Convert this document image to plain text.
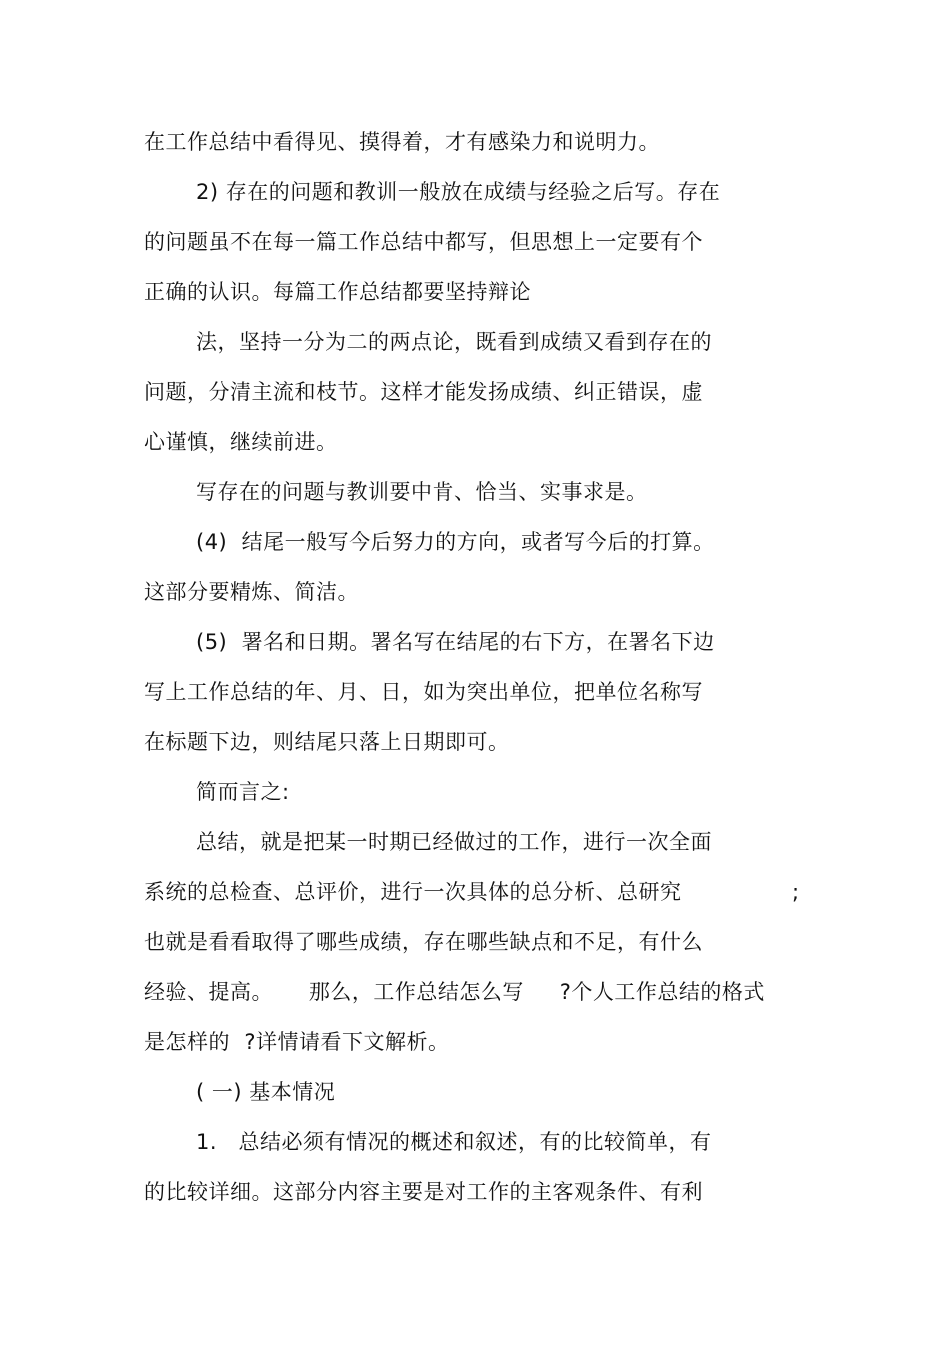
在工作总结中看得见、摸得着，才有感染力和说明力。
2) 存在的问题和教训一般放在成绩与经验之后写。存在
的问题虽不在每一篇工作总结中都写，但思想上一定要有个
正确的认识。每篇工作总结都要坚持辩论
法，坚持一分为二的两点论，既看到成绩又看到存在的
问题，分清主流和枝节。这样才能发扬成绩、纠正错误，虚
心谨慎，继续前进。
写存在的问题与教训要中肯、恰当、实事求是。
(4)  结尾一般写今后努力的方向，或者写今后的打算。
这部分要精炼、简洁。
(5)  署名和日期。署名写在结尾的右下方，在署名下边
写上工作总结的年、月、日，如为突出单位，把单位名称写
在标题下边，则结尾只落上日期即可。
简而言之:
总结，就是把某一时期已经做过的工作，进行一次全面
系统的总检查、总评价，进行一次具体的总分析、总研究	;
也就是看看取得了哪些成绩，存在哪些缺点和不足，有什么
经验、提高。     那么，工作总结怎么写     ?个人工作总结的格式
是怎样的  ?详情请看下文解析。
( 一) 基本情况
1.   总结必须有情况的概述和叙述，有的比较简单，有
的比较详细。这部分内容主要是对工作的主客观条件、有利
